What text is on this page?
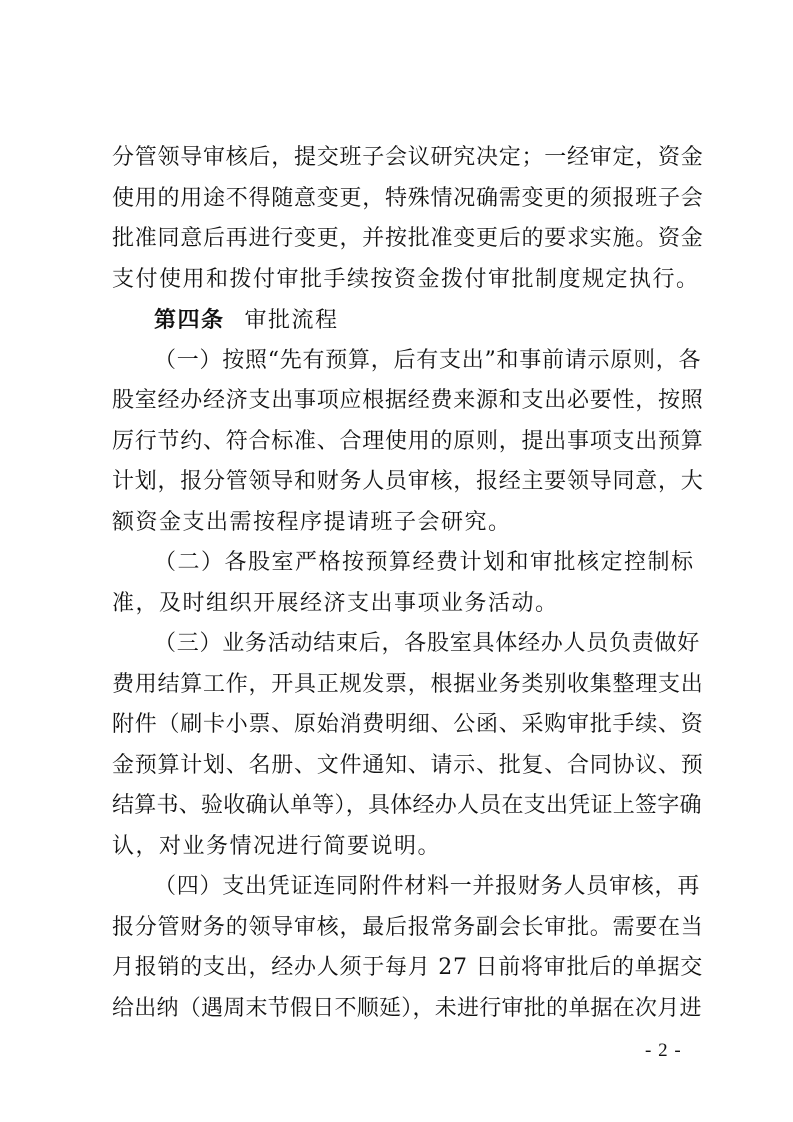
分管领导审核后，提交班子会议研究决定；一经审定，资金
使用的用途不得随意变更，特殊情况确需变更的须报班子会
批准同意后再进行变更，并按批准变更后的要求实施。资金
支付使用和拨付审批手续按资金拨付审批制度规定执行。
第四条 审批流程
（一）按照“先有预算，后有支出”和事前请示原则，各
股室经办经济支出事项应根据经费来源和支出必要性，按照
厉行节约、符合标准、合理使用的原则，提出事项支出预算
计划，报分管领导和财务人员审核，报经主要领导同意，大
额资金支出需按程序提请班子会研究。
（二）各股室严格按预算经费计划和审批核定控制标
准，及时组织开展经济支出事项业务活动。
（三）业务活动结束后，各股室具体经办人员负责做好
费用结算工作，开具正规发票，根据业务类别收集整理支出
附件（刷卡小票、原始消费明细、公函、采购审批手续、资
金预算计划、名册、文件通知、请示、批复、合同协议、预
结算书、验收确认单等），具体经办人员在支出凭证上签字确
认，对业务情况进行简要说明。
（四）支出凭证连同附件材料一并报财务人员审核，再
报分管财务的领导审核，最后报常务副会长审批。需要在当
月报销的支出，经办人须于每月 27 日前将审批后的单据交
给出纳（遇周末节假日不顺延），未进行审批的单据在次月进
- 2 -
